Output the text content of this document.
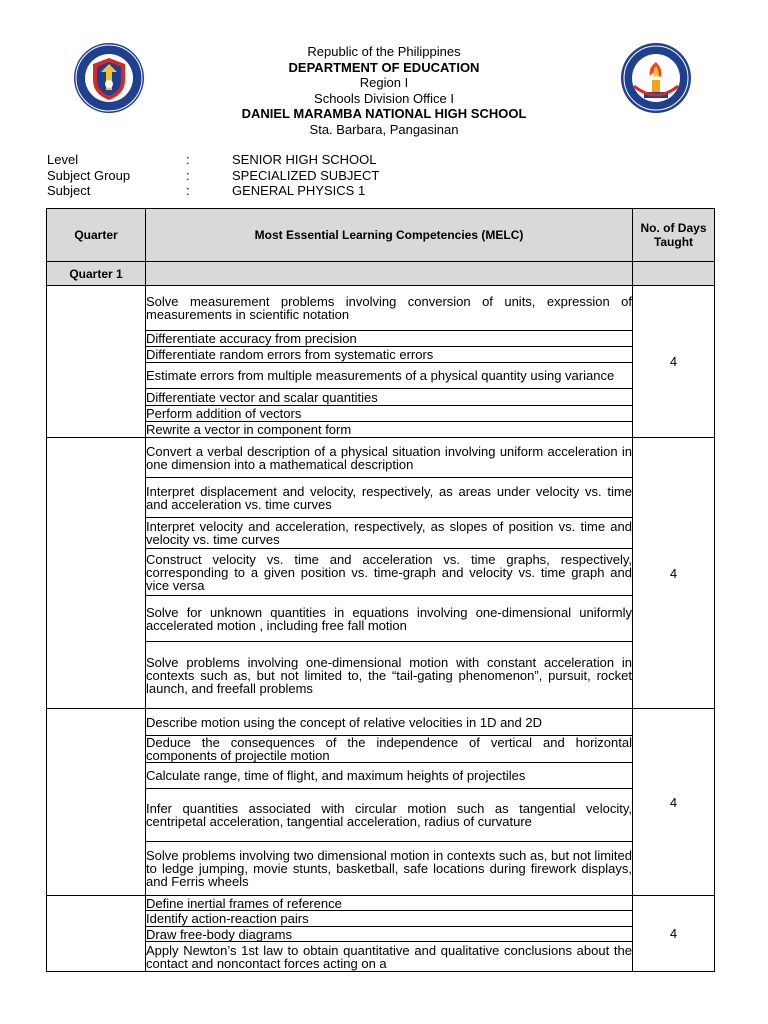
Republic of the Philippines
DEPARTMENT OF EDUCATION
Region I
Schools Division Office I
DANIEL MARAMBA NATIONAL HIGH SCHOOL
Sta. Barbara, Pangasinan
Level	:	SENIOR HIGH SCHOOL
Subject Group	:	SPECIALIZED SUBJECT
Subject	:	GENERAL PHYSICS 1
Quarter	Most Essential Learning Competencies (MELC)	No. of Days Taught
Quarter 1		
	Solve measurement problems involving conversion of units, expression of measurements in scientific notation	4
	Differentiate accuracy from precision	
	Differentiate random errors from systematic errors	
	Estimate errors from multiple measurements of a physical quantity using variance	
	Differentiate vector and scalar quantities	
	Perform addition of vectors	
	Rewrite a vector in component form	
	Convert a verbal description of a physical situation involving uniform acceleration in one dimension into a mathematical description	4
	Interpret displacement and velocity, respectively, as areas under velocity vs. time and acceleration vs. time curves	
	Interpret velocity and acceleration, respectively, as slopes of position vs. time and velocity vs. time curves	
	Construct velocity vs. time and acceleration vs. time graphs, respectively, corresponding to a given position vs. time-graph and velocity vs. time graph and vice versa	
	Solve for unknown quantities in equations involving one-dimensional uniformly accelerated motion , including free fall motion	
	Solve problems involving one-dimensional motion with constant acceleration in contexts such as, but not limited to, the “tail-gating phenomenon”, pursuit, rocket launch, and freefall problems	
	Describe motion using the concept of relative velocities in 1D and 2D	4
	Deduce the consequences of the independence of vertical and horizontal components of projectile motion	
	Calculate range, time of flight, and maximum heights of projectiles	
	Infer quantities associated with circular motion such as tangential velocity, centripetal acceleration, tangential acceleration, radius of curvature	
	Solve problems involving two dimensional motion in contexts such as, but not limited to ledge jumping, movie stunts, basketball, safe locations during firework displays, and Ferris wheels	
	Define inertial frames of reference	4
	Identify action-reaction pairs	
	Draw free-body diagrams	
	Apply Newton’s 1st law to obtain quantitative and qualitative conclusions about the contact and noncontact forces acting on a	
